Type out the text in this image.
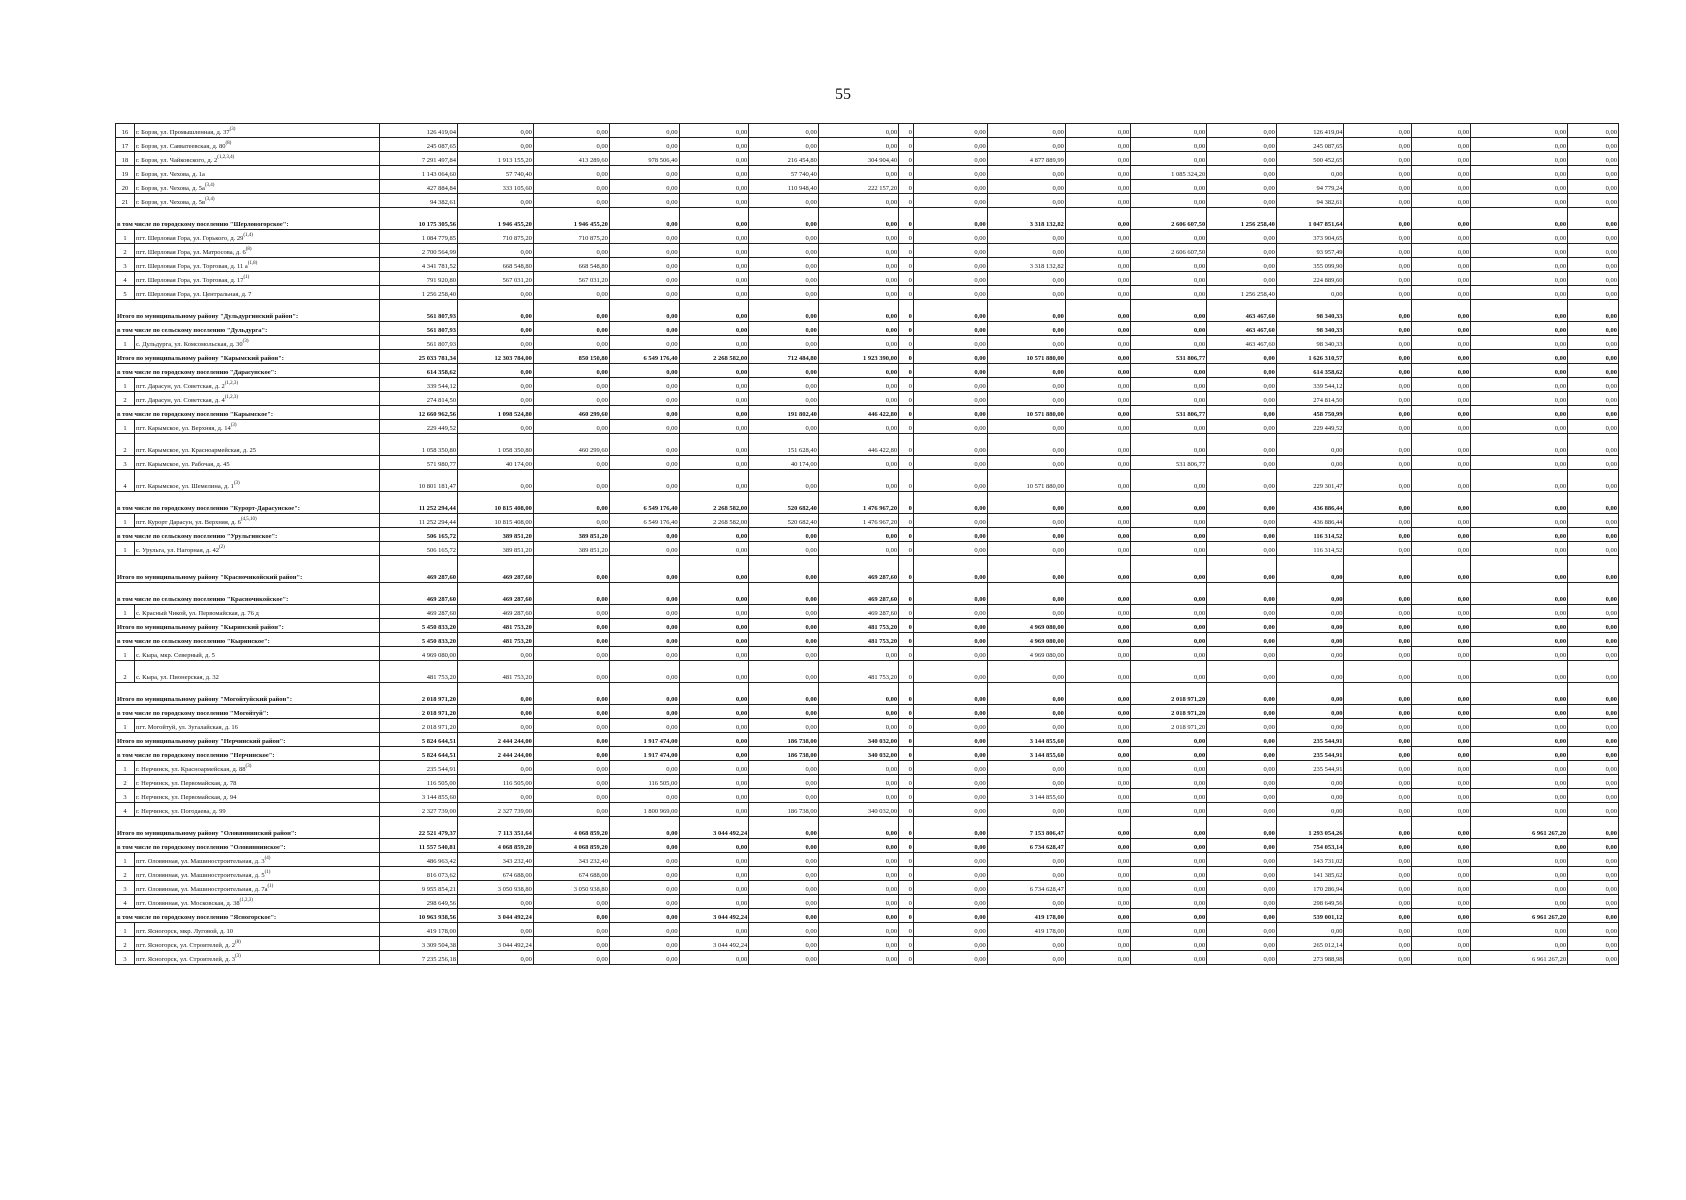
55
16	г. Борзя, ул. Промышленная, д. 37$^{(3)}$	126 419,04	0,00	0,00	0,00	0,00	0,00	0,00	0	0,00	0,00	0,00	0,00	0,00	126 419,04	0,00	0,00	0,00	0,00
17	г. Борзя, ул. Савватеевская, д. 80$^{(8)}$	245 087,65	0,00	0,00	0,00	0,00	0,00	0,00	0	0,00	0,00	0,00	0,00	0,00	245 087,65	0,00	0,00	0,00	0,00
18	г. Борзя, ул. Чайковского, д. 2$^{(1,2,3,4)}$	7 291 497,84	1 913 155,20	413 289,60	978 506,40	0,00	216 454,80	304 904,40	0	0,00	4 877 889,99	0,00	0,00	0,00	500 452,65	0,00	0,00	0,00	0,00
19	г. Борзя, ул. Чехова, д. 1а	1 143 064,60	57 740,40	0,00	0,00	0,00	57 740,40	0,00	0	0,00	0,00	0,00	1 085 324,20	0,00	0,00	0,00	0,00	0,00	0,00
20	г. Борзя, ул. Чехова, д. $5а^{(3,4)}$	427 884,84	333 105,60	0,00	0,00	0,00	110 948,40	222 157,20	0	0,00	0,00	0,00	0,00	0,00	94 779,24	0,00	0,00	0,00	0,00
21	г. Борзя, ул. Чехова, д. $5в^{(3,4)}$	94 382,61	0,00	0,00	0,00	0,00	0,00	0,00	0	0,00	0,00	0,00	0,00	0,00	94 382,61	0,00	0,00	0,00	0,00
в том числе по городскому поселению "Шерловогорское":		10 175 305,56	1 946 455,20	1 946 455,20	0,00	0,00	0,00	0,00	0	0,00	3 318 132,82	0,00	2 606 607,50	1 256 258,40	1 047 851,64	0,00	0,00	0,00	0,00
1	пгт. Шерловая Гора, ул. Горького, д. 29$^{(1,4)}$	1 084 779,85	710 875,20	710 875,20	0,00	0,00	0,00	0,00	0	0,00	0,00	0,00	0,00	0,00	373 904,65	0,00	0,00	0,00	0,00
2	пгт. Шерловая Гора, ул. Матросова, д. 6$^{(8)}$	2 700 564,99	0,00	0,00	0,00	0,00	0,00	0,00	0	0,00	0,00	0,00	2 606 607,50	0,00	93 957,49	0,00	0,00	0,00	0,00
3	пгт. Шерловая Гора, ул. Торговая, д. 11 $а^{(1,8)}$	4 341 781,52	668 548,80	668 548,80	0,00	0,00	0,00	0,00	0	0,00	3 318 132,82	0,00	0,00	0,00	355 099,90	0,00	0,00	0,00	0,00
4	пгт. Шерловая Гора, ул. Торговая, д. 17$^{(1)}$	791 920,80	567 031,20	567 031,20	0,00	0,00	0,00	0,00	0	0,00	0,00	0,00	0,00	0,00	224 889,60	0,00	0,00	0,00	0,00
5	пгт. Шерловая Гора, ул. Центральная, д. 7	1 256 258,40	0,00	0,00	0,00	0,00	0,00	0,00	0	0,00	0,00	0,00	0,00	1 256 258,40	0,00	0,00	0,00	0,00	0,00
Итого по муниципальному району "Дульдургинский район":		561 807,93	0,00	0,00	0,00	0,00	0,00	0,00	0	0,00	0,00	0,00	0,00	463 467,60	98 340,33	0,00	0,00	0,00	0,00
в том числе по сельскому поселению "Дульдурга":		561 807,93	0,00	0,00	0,00	0,00	0,00	0,00	0	0,00	0,00	0,00	0,00	463 467,60	98 340,33	0,00	0,00	0,00	0,00
1	с. Дульдурга, ул. Комсомольская, д. 30$^{(3)}$	561 807,93	0,00	0,00	0,00	0,00	0,00	0,00	0	0,00	0,00	0,00	0,00	463 467,60	98 340,33	0,00	0,00	0,00	0,00
Итого по муниципальному району "Карымский район":		25 033 781,34	12 303 784,00	850 150,80	6 549 176,40	2 268 582,00	712 484,80	1 923 390,00	0	0,00	10 571 880,00	0,00	531 806,77	0,00	1 626 310,57	0,00	0,00	0,00	0,00
в том числе по городскому поселению "Дарасунское":		614 358,62	0,00	0,00	0,00	0,00	0,00	0,00	0	0,00	0,00	0,00	0,00	0,00	614 358,62	0,00	0,00	0,00	0,00
1	пгт. Дарасун, ул. Советская, д. 2$^{(1,2,3)}$	339 544,12	0,00	0,00	0,00	0,00	0,00	0,00	0	0,00	0,00	0,00	0,00	0,00	339 544,12	0,00	0,00	0,00	0,00
2	пгт. Дарасун, ул. Советская, д. 4$^{(1,2,3)}$	274 814,50	0,00	0,00	0,00	0,00	0,00	0,00	0	0,00	0,00	0,00	0,00	0,00	274 814,50	0,00	0,00	0,00	0,00
в том числе по городскому поселению "Карымское":		12 660 962,56	1 098 524,80	460 299,60	0,00	0,00	191 802,40	446 422,80	0	0,00	10 571 880,00	0,00	531 806,77	0,00	458 750,99	0,00	0,00	0,00	0,00
1	пгт. Карымское, ул. Верхняя, д. 14$^{(3)}$	229 449,52	0,00	0,00	0,00	0,00	0,00	0,00	0	0,00	0,00	0,00	0,00	0,00	229 449,52	0,00	0,00	0,00	0,00
2	пгт. Карымское, ул. Красноармейская, д. 25	1 058 350,80	1 058 350,80	460 299,60	0,00	0,00	151 628,40	446 422,80	0	0,00	0,00	0,00	0,00	0,00	0,00	0,00	0,00	0,00	0,00
3	пгт. Карымское, ул. Рабочая, д. 45	571 980,77	40 174,00	0,00	0,00	0,00	40 174,00	0,00	0	0,00	0,00	0,00	531 806,77	0,00	0,00	0,00	0,00	0,00	0,00
4	пгт. Карымское, ул. Шемелина, д. 1$^{(3)}$	10 801 181,47	0,00	0,00	0,00	0,00	0,00	0,00	0	0,00	10 571 880,00	0,00	0,00	0,00	229 301,47	0,00	0,00	0,00	0,00
в том числе по городскому поселению "Курорт-Дарасунское":		11 252 294,44	10 815 408,00	0,00	6 549 176,40	2 268 582,00	520 682,40	1 476 967,20	0	0,00	0,00	0,00	0,00	0,00	436 886,44	0,00	0,00	0,00	0,00
1	пгт. Курорт Дарасун, ул. Верхняя, д. 6$^{(4,5,10)}$	11 252 294,44	10 815 408,00	0,00	6 549 176,40	2 268 582,00	520 682,40	1 476 967,20	0	0,00	0,00	0,00	0,00	0,00	436 886,44	0,00	0,00	0,00	0,00
в том числе по сельскому поселению "Урульгинское":		506 165,72	389 851,20	389 851,20	0,00	0,00	0,00	0,00	0	0,00	0,00	0,00	0,00	0,00	116 314,52	0,00	0,00	0,00	0,00
1	с. Урульга, ул. Нагорная, д. 42$^{(2)}$	506 165,72	389 851,20	389 851,20	0,00	0,00	0,00	0,00	0	0,00	0,00	0,00	0,00	0,00	116 314,52	0,00	0,00	0,00	0,00
Итого по муниципальному району "Красночикойский район":		469 287,60	469 287,60	0,00	0,00	0,00	0,00	469 287,60	0	0,00	0,00	0,00	0,00	0,00	0,00	0,00	0,00	0,00	0,00
в том числе по сельскому поселению "Красночикойское":		469 287,60	469 287,60	0,00	0,00	0,00	0,00	469 287,60	0	0,00	0,00	0,00	0,00	0,00	0,00	0,00	0,00	0,00	0,00
1	с. Красный Чикой, ул. Первомайская, д. 76 д	469 287,60	469 287,60	0,00	0,00	0,00	0,00	469 287,60	0	0,00	0,00	0,00	0,00	0,00	0,00	0,00	0,00	0,00	0,00
Итого по муниципальному району "Кыринский район":		5 450 833,20	481 753,20	0,00	0,00	0,00	0,00	481 753,20	0	0,00	4 969 080,00	0,00	0,00	0,00	0,00	0,00	0,00	0,00	0,00
в том числе по сельскому поселению "Кыринское":		5 450 833,20	481 753,20	0,00	0,00	0,00	0,00	481 753,20	0	0,00	4 969 080,00	0,00	0,00	0,00	0,00	0,00	0,00	0,00	0,00
1	с. Кыра, мкр. Северный, д. 5	4 969 080,00	0,00	0,00	0,00	0,00	0,00	0,00	0	0,00	4 969 080,00	0,00	0,00	0,00	0,00	0,00	0,00	0,00	0,00
2	с. Кыра, ул. Пионерская, д. 32	481 753,20	481 753,20	0,00	0,00	0,00	0,00	481 753,20	0	0,00	0,00	0,00	0,00	0,00	0,00	0,00	0,00	0,00	0,00
Итого по муниципальному району "Могойтуйский район":		2 018 971,20	0,00	0,00	0,00	0,00	0,00	0,00	0	0,00	0,00	0,00	2 018 971,20	0,00	0,00	0,00	0,00	0,00	0,00
в том числе по городскому поселению "Могойтуй":		2 018 971,20	0,00	0,00	0,00	0,00	0,00	0,00	0	0,00	0,00	0,00	2 018 971,20	0,00	0,00	0,00	0,00	0,00	0,00
1	пгт. Могойтуй, ул. Зугалайская, д. 16	2 018 971,20	0,00	0,00	0,00	0,00	0,00	0,00	0	0,00	0,00	0,00	2 018 971,20	0,00	0,00	0,00	0,00	0,00	0,00
Итого по муниципальному району "Нерчинский район":		5 824 644,51	2 444 244,00	0,00	1 917 474,00	0,00	186 738,00	340 032,00	0	0,00	3 144 855,60	0,00	0,00	0,00	235 544,91	0,00	0,00	0,00	0,00
в том числе по городскому поселению "Нерчинское":		5 824 644,51	2 444 244,00	0,00	1 917 474,00	0,00	186 738,00	340 032,00	0	0,00	3 144 855,60	0,00	0,00	0,00	235 544,91	0,00	0,00	0,00	0,00
1	г. Нерчинск, ул. Красноармейская, д. 88$^{(3)}$	235 544,91	0,00	0,00	0,00	0,00	0,00	0,00	0	0,00	0,00	0,00	0,00	0,00	235 544,91	0,00	0,00	0,00	0,00
2	г. Нерчинск, ул. Первомайская, д. 78	116 505,00	116 505,00	0,00	116 505,00	0,00	0,00	0,00	0	0,00	0,00	0,00	0,00	0,00	0,00	0,00	0,00	0,00	0,00
3	г. Нерчинск, ул. Первомайская, д. 94	3 144 855,60	0,00	0,00	0,00	0,00	0,00	0,00	0	0,00	3 144 855,60	0,00	0,00	0,00	0,00	0,00	0,00	0,00	0,00
4	г. Нерчинск, ул. Погодаева, д. 99	2 327 739,00	2 327 739,00	0,00	1 800 969,00	0,00	186 738,00	340 032,00	0	0,00	0,00	0,00	0,00	0,00	0,00	0,00	0,00	0,00	0,00
Итого по муниципальному району "Оловяннинский район":		22 521 479,37	7 113 351,64	4 068 859,20	0,00	3 044 492,24	0,00	0,00	0	0,00	7 153 806,47	0,00	0,00	0,00	1 293 054,26	0,00	0,00	6 961 267,20	0,00
в том числе по городскому поселению "Оловяннинское":		11 557 540,81	4 068 859,20	4 068 859,20	0,00	0,00	0,00	0,00	0	0,00	6 734 628,47	0,00	0,00	0,00	754 053,14	0,00	0,00	0,00	0,00
1	пгт. Оловянная, ул. Машиностроительная, д. 3$^{(4)}$	486 963,42	343 232,40	343 232,40	0,00	0,00	0,00	0,00	0	0,00	0,00	0,00	0,00	0,00	143 731,02	0,00	0,00	0,00	0,00
2	пгт. Оловянная, ул. Машиностроительная, д. 5$^{(1)}$	816 073,62	674 688,00	674 688,00	0,00	0,00	0,00	0,00	0	0,00	0,00	0,00	0,00	0,00	141 385,62	0,00	0,00	0,00	0,00
3	пгт. Оловянная, ул. Машиностроительная, д. $7а^{(1)}$	9 955 854,21	3 050 938,80	3 050 938,80	0,00	0,00	0,00	0,00	0	0,00	6 734 628,47	0,00	0,00	0,00	170 286,94	0,00	0,00	0,00	0,00
4	пгт. Оловянная, ул. Московская, д. 38$^{(1,2,3)}$	298 649,56	0,00	0,00	0,00	0,00	0,00	0,00	0	0,00	0,00	0,00	0,00	0,00	298 649,56	0,00	0,00	0,00	0,00
в том числе по городскому поселению "Ясногорское":		10 963 938,56	3 044 492,24	0,00	0,00	3 044 492,24	0,00	0,00	0	0,00	419 178,00	0,00	0,00	0,00	539 001,12	0,00	0,00	6 961 267,20	0,00
1	пгт. Ясногорск, мкр. Луговой, д. 10	419 178,00	0,00	0,00	0,00	0,00	0,00	0,00	0	0,00	419 178,00	0,00	0,00	0,00	0,00	0,00	0,00	0,00	0,00
2	пгт. Ясногорск, ул. Строителей, д. 2$^{(8)}$	3 309 504,38	3 044 492,24	0,00	0,00	3 044 492,24	0,00	0,00	0	0,00	0,00	0,00	0,00	0,00	265 012,14	0,00	0,00	0,00	0,00
3	пгт. Ясногорск, ул. Строителей, д. 3$^{(3)}$	7 235 256,18	0,00	0,00	0,00	0,00	0,00	0,00	0	0,00	0,00	0,00	0,00	0,00	273 988,98	0,00	0,00	6 961 267,20	0,00
